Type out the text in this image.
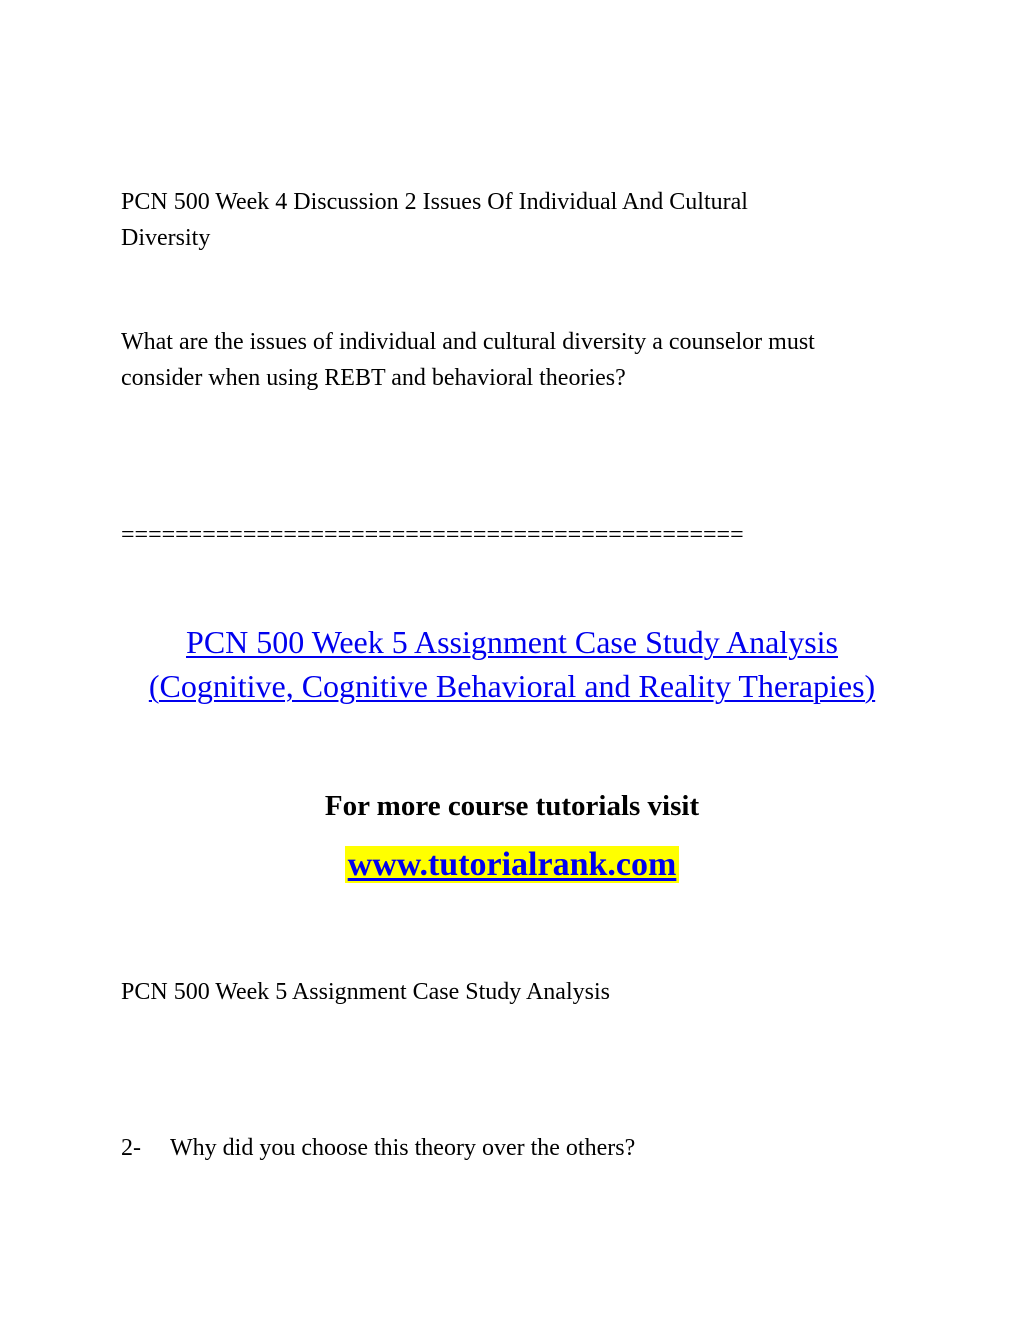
PCN 500 Week 4 Discussion 2 Issues Of Individual And Cultural
Diversity

What are the issues of individual and cultural diversity a counselor must
consider when using REBT and behavioral theories?

==============================================

PCN 500 Week 5 Assignment Case Study Analysis
(Cognitive, Cognitive Behavioral and Reality Therapies)

For more course tutorials visit

www.tutorialrank.com

PCN 500 Week 5 Assignment Case Study Analysis

2- Why did you choose this theory over the others?
